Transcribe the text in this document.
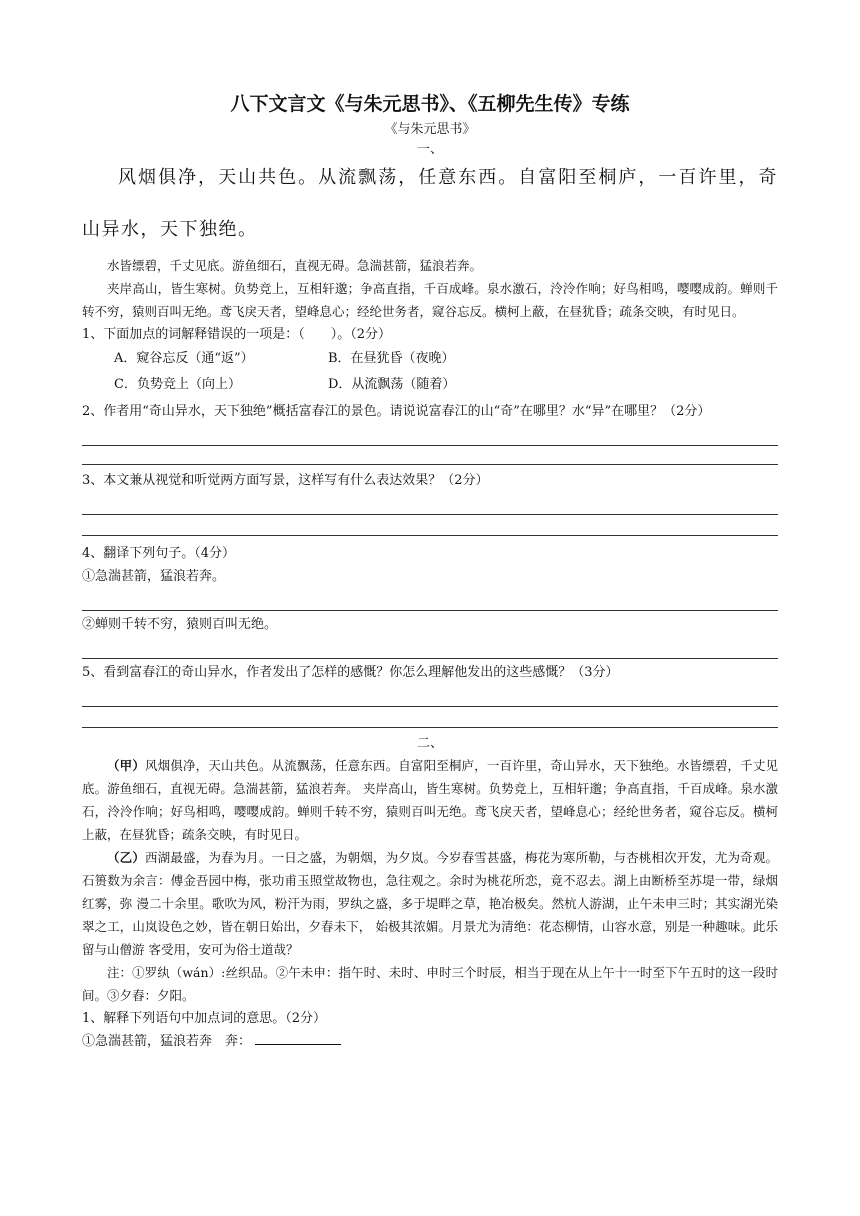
八下文言文《与朱元思书》、《五柳先生传》专练
《与朱元思书》
一、

风烟俱净，天山共色。从流飘荡，任意东西。自富阳至桐庐，一百许里，奇山异水，天下独绝。

水皆缥碧，千丈见底。游鱼细石，直视无碍。急湍甚箭，猛浪若奔。

夹岸高山，皆生寒树。负势竞上，互相轩邈；争高直指，千百成峰。泉水激石，泠泠作响；好鸟相鸣，嘤嘤成韵。蝉则千转不穷，猿则百叫无绝。鸢飞戾天者，望峰息心；经纶世务者，窥谷忘反。横柯上蔽，在昼犹昏；疏条交映，有时见日。

1、下面加点的词解释错误的一项是：（　　）。（2分）

A．窥谷忘反（通“返”）	B．在昼犹昏（夜晚）
C．负势竞上（向上）	D．从流飘荡（随着）

2、作者用“奇山异水，天下独绝”概括富春江的景色。请说说富春江的山“奇”在哪里？水“异”在哪里？（2分）

3、本文兼从视觉和听觉两方面写景，这样写有什么表达效果？（2分）

4、翻译下列句子。（4分）

①急湍甚箭，猛浪若奔。

②蝉则千转不穷，猿则百叫无绝。

5、看到富春江的奇山异水，作者发出了怎样的感慨？你怎么理解他发出的这些感慨？（3分）

二、

（甲）风烟俱净，天山共色。从流飘荡，任意东西。自富阳至桐庐，一百许里，奇山异水，天下独绝。水皆缥碧，千丈见底。游鱼细石，直视无碍。急湍甚箭，猛浪若奔。 夹岸高山，皆生寒树。负势竞上，互相轩邈；争高直指，千百成峰。泉水激石，泠泠作响；好鸟相鸣，嘤嘤成韵。蝉则千转不穷，猿则百叫无绝。鸢飞戾天者，望峰息心；经纶世务者，窥谷忘反。横柯上蔽，在昼犹昏；疏条交映，有时见日。

（乙）西湖最盛，为春为月。一日之盛，为朝烟，为夕岚。今岁春雪甚盛，梅花为寒所勒，与杏桃相次开发，尤为奇观。石篑数为余言：傅金吾园中梅，张功甫玉照堂故物也，急往观之。余时为桃花所恋，竟不忍去。湖上由断桥至苏堤一带，绿烟红雾，弥 漫二十余里。歌吹为风，粉汗为雨，罗纨之盛，多于堤畔之草，艳冶极矣。然杭人游湖，止午未申三时；其实湖光染翠之工，山岚设色之妙，皆在朝日始出，夕春未下， 始极其浓媚。月景尤为清绝：花态柳情，山容水意，别是一种趣味。此乐留与山僧游 客受用，安可为俗士道哉？

注：①罗纨（wán）:丝织品。②午未申：指午时、未时、申时三个时辰，相当于现在从上午十一时至下午五时的这一段时间。③夕舂：夕阳。

1、解释下列语句中加点词的意思。（2分）

①急湍甚箭，猛浪若奔　奔：
